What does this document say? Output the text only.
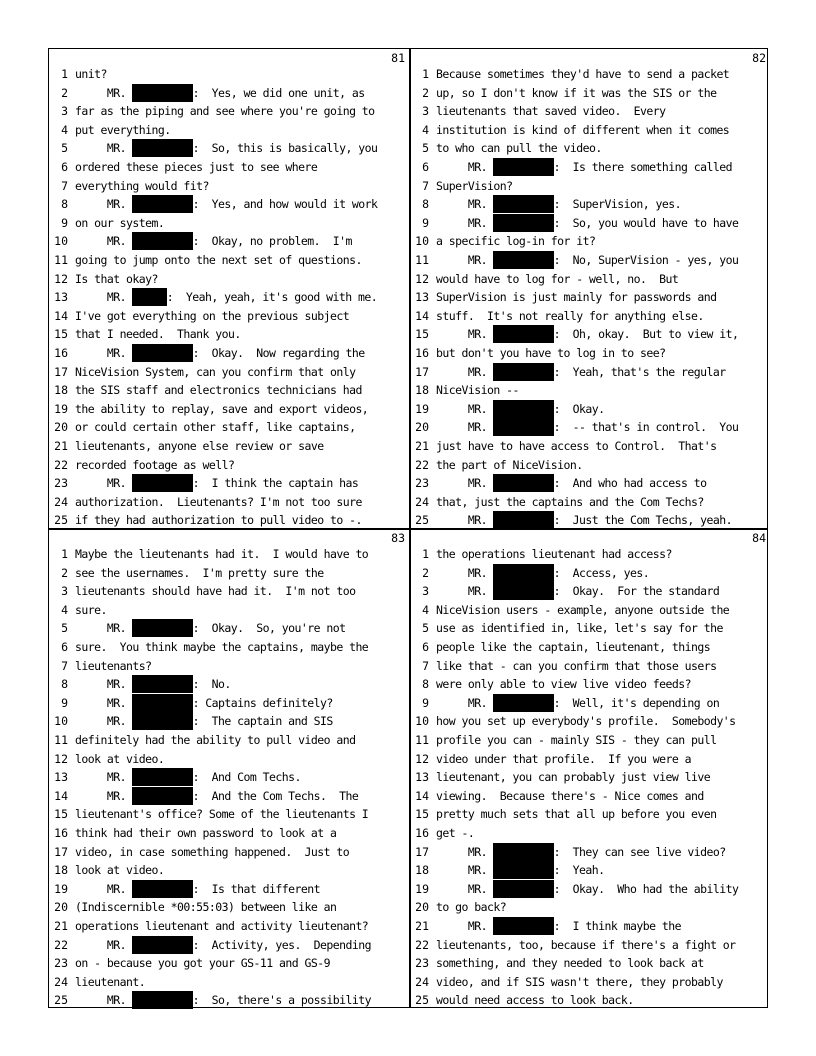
81
1 unit?
2 MR.	:  Yes, we did one unit, as
3 far as the piping and see where you're going to
4 put everything.
5 MR.	:  So, this is basically, you
6 ordered these pieces just to see where
7 everything would fit?
8 MR.	:  Yes, and how would it work
9 on our system.
10 MR.	:  Okay, no problem.  I'm
11 going to jump onto the next set of questions.
12 Is that okay?
13 MR.	:  Yeah, yeah, it's good with me.
14 I've got everything on the previous subject
15 that I needed.  Thank you.
16 MR.	:  Okay.  Now regarding the
17 NiceVision System, can you confirm that only
18 the SIS staff and electronics technicians had
19 the ability to replay, save and export videos,
20 or could certain other staff, like captains,
21 lieutenants, anyone else review or save
22 recorded footage as well?
23 MR.	:  I think the captain has
24 authorization.  Lieutenants? I'm not too sure
25 if they had authorization to pull video to -.
82
1 Because sometimes they'd have to send a packet
2 up, so I don't know if it was the SIS or the
3 lieutenants that saved video.  Every
4 institution is kind of different when it comes
5 to who can pull the video.
6 MR.	:  Is there something called
7 SuperVision?
8 MR.	:  SuperVision, yes.
9 MR.	:  So, you would have to have
10 a specific log-in for it?
11 MR.	:  No, SuperVision - yes, you
12 would have to log for - well, no.  But
13 SuperVision is just mainly for passwords and
14 stuff.  It's not really for anything else.
15 MR.	:  Oh, okay.  But to view it,
16 but don't you have to log in to see?
17 MR.	:  Yeah, that's the regular
18 NiceVision --
19 MR.	:  Okay.
20 MR.	:  -- that's in control.  You
21 just have to have access to Control.  That's
22 the part of NiceVision.
23 MR.	:  And who had access to
24 that, just the captains and the Com Techs?
25 MR.	:  Just the Com Techs, yeah.
83
1 Maybe the lieutenants had it.  I would have to
2 see the usernames.  I'm pretty sure the
3 lieutenants should have had it.  I'm not too
4 sure.
5 MR.	:  Okay.  So, you're not
6 sure.  You think maybe the captains, maybe the
7 lieutenants?
8 MR.	:  No.
9 MR.	: Captains definitely?
10 MR.	:  The captain and SIS
11 definitely had the ability to pull video and
12 look at video.
13 MR.	:  And Com Techs.
14 MR.	:  And the Com Techs.  The
15 lieutenant's office? Some of the lieutenants I
16 think had their own password to look at a
17 video, in case something happened.  Just to
18 look at video.
19 MR.	:  Is that different
20 (Indiscernible *00:55:03) between like an
21 operations lieutenant and activity lieutenant?
22 MR.	:  Activity, yes.  Depending
23 on - because you got your GS-11 and GS-9
24 lieutenant.
25 MR.	:  So, there's a possibility
84
1 the operations lieutenant had access?
2 MR.	:  Access, yes.
3 MR.	:  Okay.  For the standard
4 NiceVision users - example, anyone outside the
5 use as identified in, like, let's say for the
6 people like the captain, lieutenant, things
7 like that - can you confirm that those users
8 were only able to view live video feeds?
9 MR.	:  Well, it's depending on
10 how you set up everybody's profile.  Somebody's
11 profile you can - mainly SIS - they can pull
12 video under that profile.  If you were a
13 lieutenant, you can probably just view live
14 viewing.  Because there's - Nice comes and
15 pretty much sets that all up before you even
16 get -.
17 MR.	:  They can see live video?
18 MR.	:  Yeah.
19 MR.	:  Okay.  Who had the ability
20 to go back?
21 MR.	:  I think maybe the
22 lieutenants, too, because if there's a fight or
23 something, and they needed to look back at
24 video, and if SIS wasn't there, they probably
25 would need access to look back.
